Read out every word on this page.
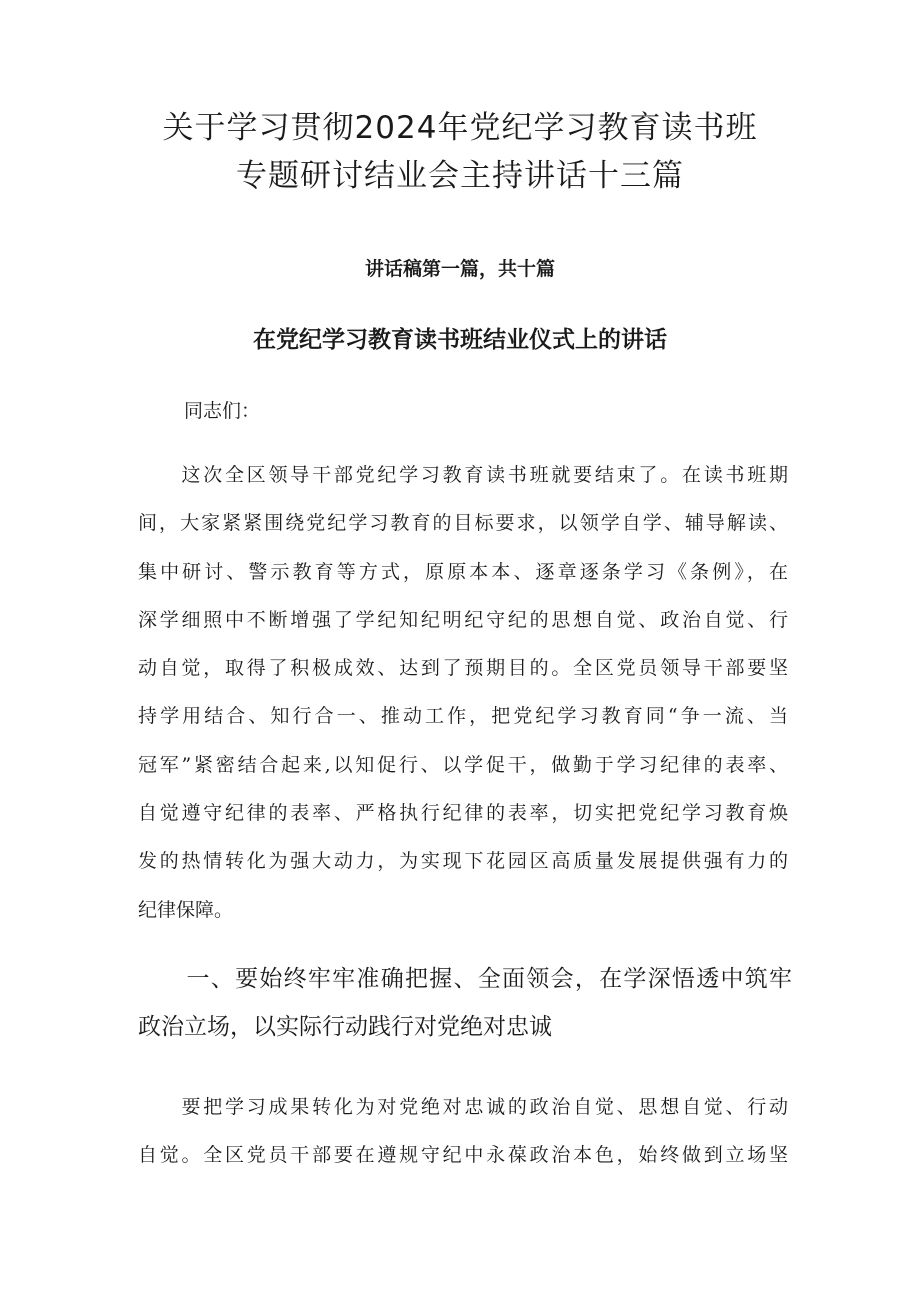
关于学习贯彻2024年党纪学习教育读书班
专题研讨结业会主持讲话十三篇

讲话稿第一篇，共十篇

在党纪学习教育读书班结业仪式上的讲话

同志们：

　　这次全区领导干部党纪学习教育读书班就要结束了。在读书班期
间，大家紧紧围绕党纪学习教育的目标要求，以领学自学、辅导解读、
集中研讨、警示教育等方式，原原本本、逐章逐条学习《条例》，在
深学细照中不断增强了学纪知纪明纪守纪的思想自觉、政治自觉、行
动自觉，取得了积极成效、达到了预期目的。全区党员领导干部要坚
持学用结合、知行合一、推动工作，把党纪学习教育同“争一流、当
冠军”紧密结合起来,以知促行、以学促干，做勤于学习纪律的表率、
自觉遵守纪律的表率、严格执行纪律的表率，切实把党纪学习教育焕
发的热情转化为强大动力，为实现下花园区高质量发展提供强有力的
纪律保障。

　　一、要始终牢牢准确把握、全面领会，在学深悟透中筑牢
政治立场，以实际行动践行对党绝对忠诚

　　要把学习成果转化为对党绝对忠诚的政治自觉、思想自觉、行动
自觉。全区党员干部要在遵规守纪中永葆政治本色，始终做到立场坚
